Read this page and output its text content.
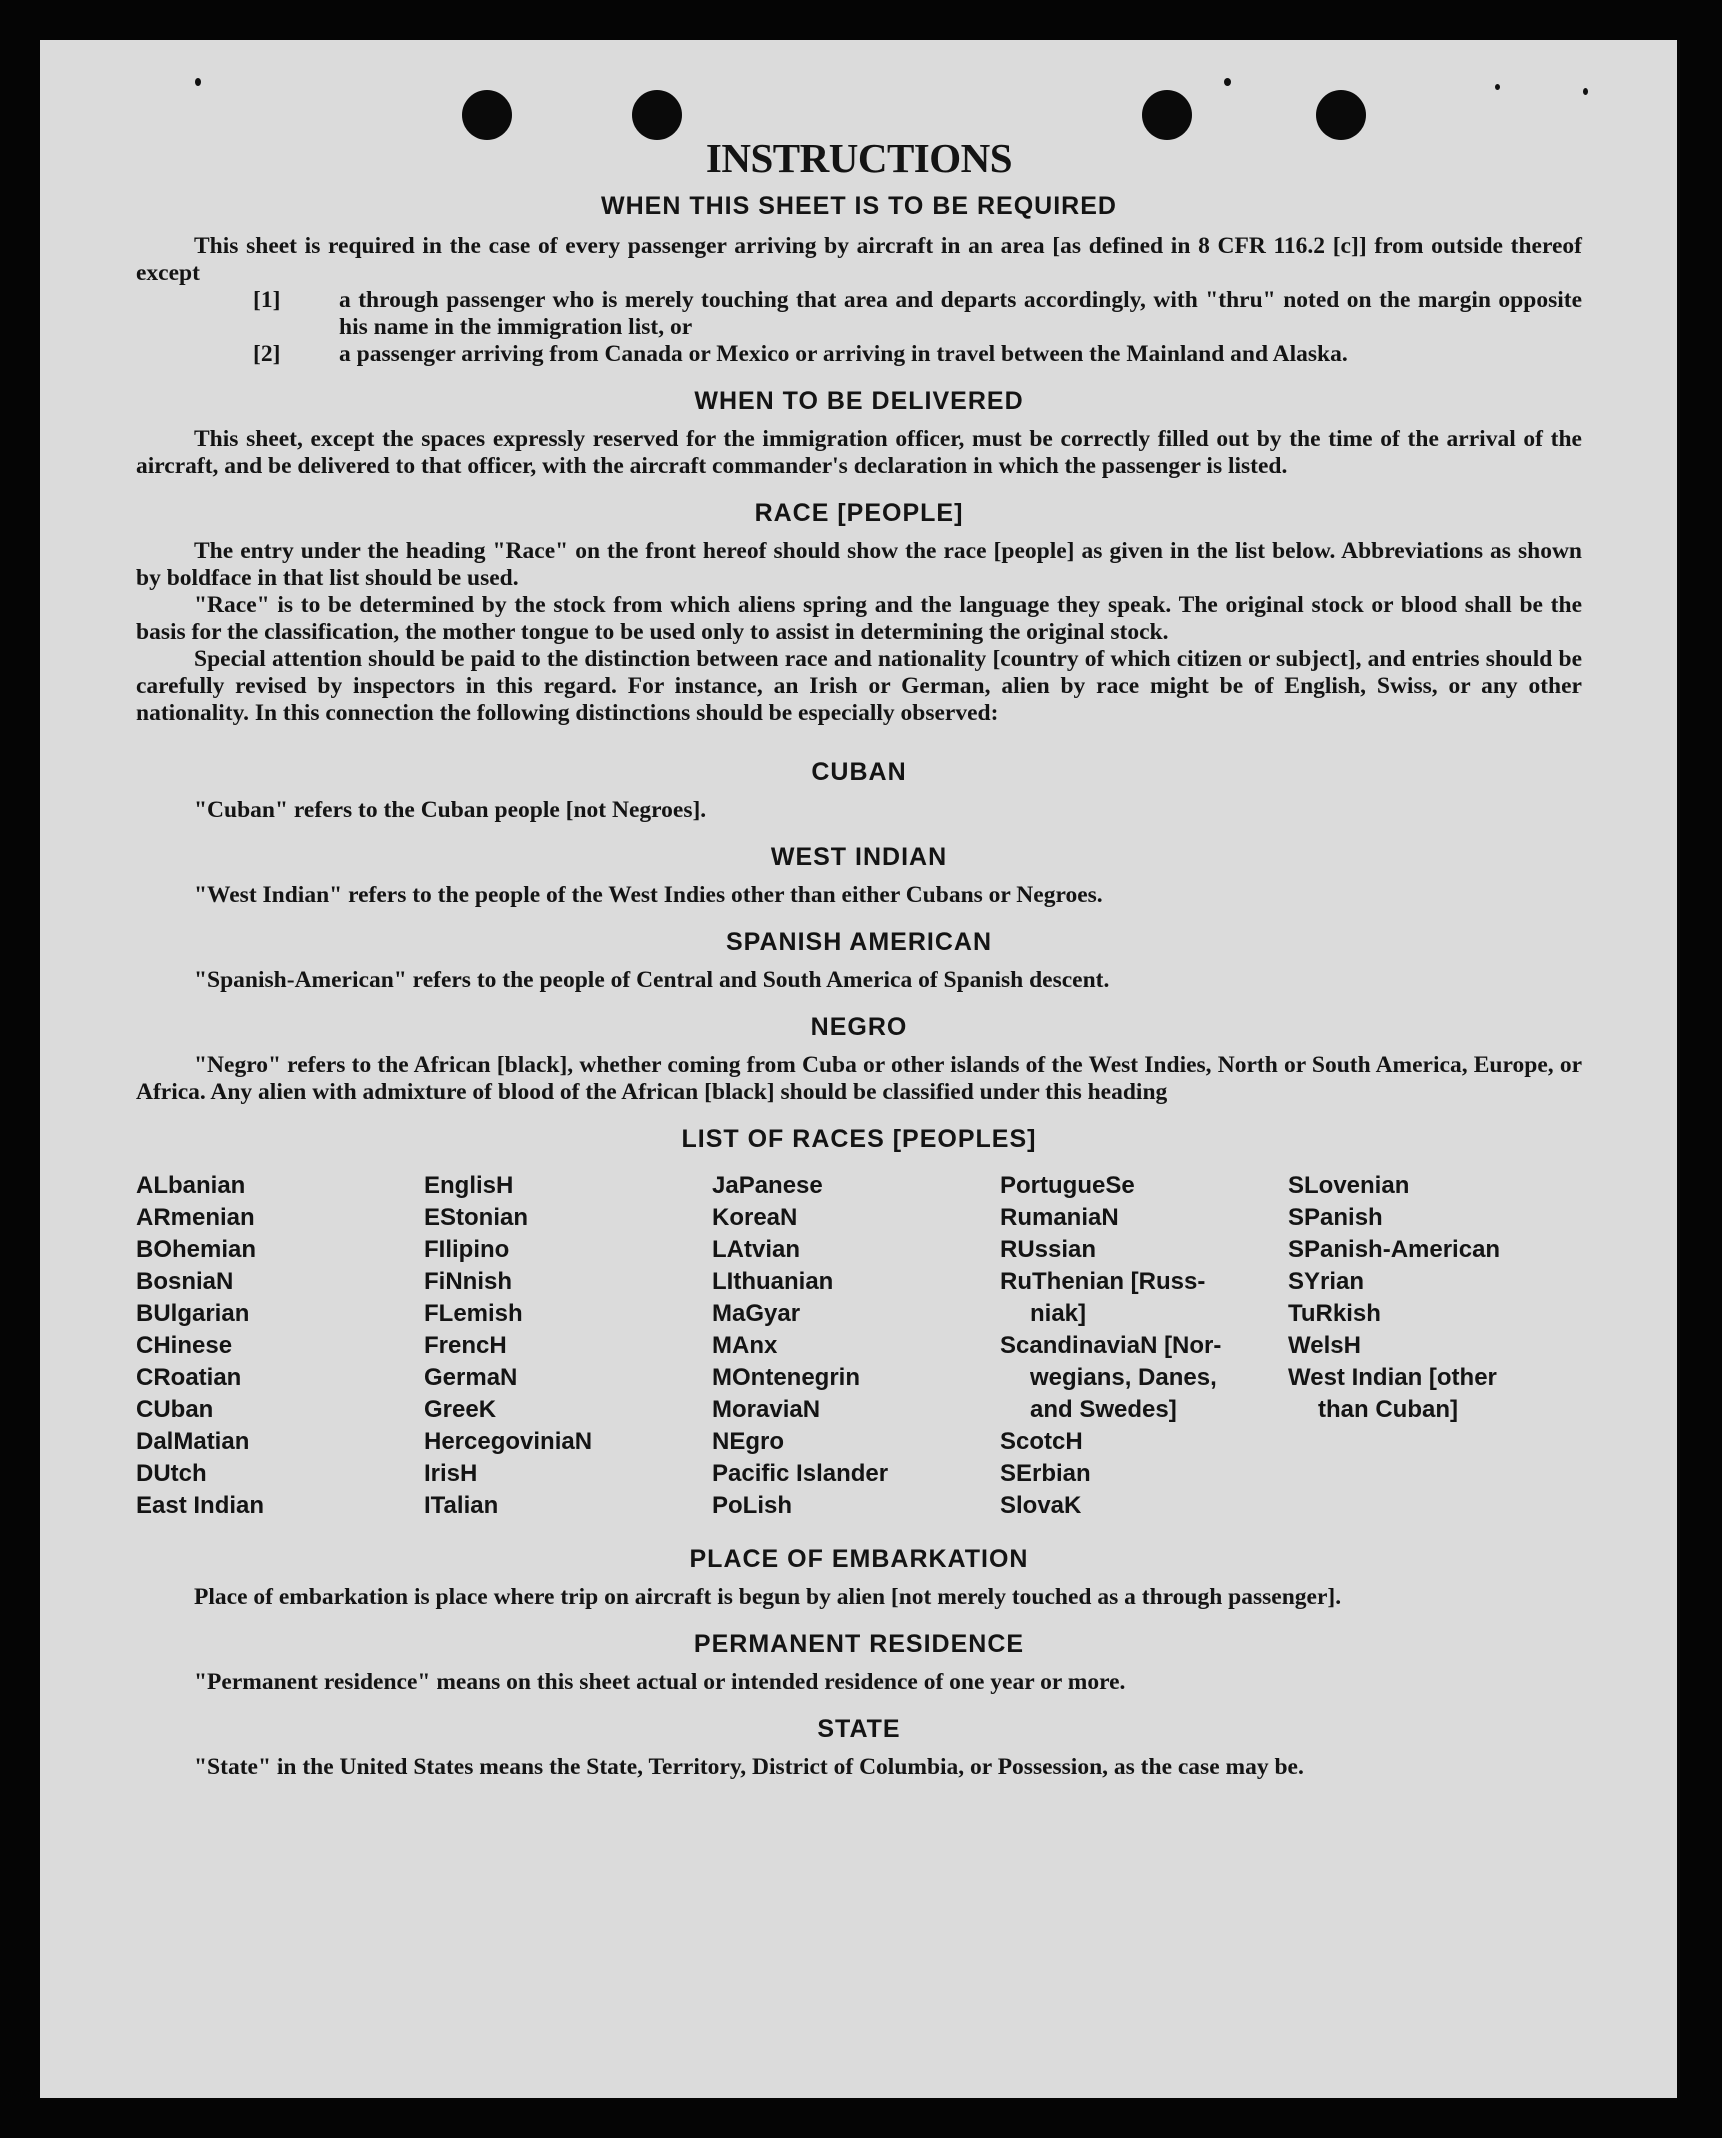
INSTRUCTIONS
WHEN THIS SHEET IS TO BE REQUIRED

This sheet is required in the case of every passenger arriving by aircraft in an area [as defined in 8 CFR 116.2 [c]] from outside thereof except

[1] a through passenger who is merely touching that area and departs accordingly, with "thru" noted on the margin opposite his name in the immigration list, or

[2] a passenger arriving from Canada or Mexico or arriving in travel between the Mainland and Alaska.

WHEN TO BE DELIVERED

This sheet, except the spaces expressly reserved for the immigration officer, must be correctly filled out by the time of the arrival of the aircraft, and be delivered to that officer, with the aircraft commander's declaration in which the passenger is listed.

RACE [PEOPLE]

The entry under the heading "Race" on the front hereof should show the race [people] as given in the list below. Abbreviations as shown by boldface in that list should be used.

"Race" is to be determined by the stock from which aliens spring and the language they speak. The original stock or blood shall be the basis for the classification, the mother tongue to be used only to assist in determining the original stock.

Special attention should be paid to the distinction between race and nationality [country of which citizen or subject], and entries should be carefully revised by inspectors in this regard. For instance, an Irish or German, alien by race might be of English, Swiss, or any other nationality. In this connection the following distinctions should be especially observed:

CUBAN

"Cuban" refers to the Cuban people [not Negroes].

WEST INDIAN

"West Indian" refers to the people of the West Indies other than either Cubans or Negroes.

SPANISH AMERICAN

"Spanish-American" refers to the people of Central and South America of Spanish descent.

NEGRO

"Negro" refers to the African [black], whether coming from Cuba or other islands of the West Indies, North or South America, Europe, or Africa. Any alien with admixture of blood of the African [black] should be classified under this heading

LIST OF RACES [PEOPLES]
ALbanian
ARmenian
BOhemian
BosniaN
BUlgarian
CHinese
CRoatian
CUban
DalMatian
DUtch
East Indian
EnglisH
EStonian
FIlipino
FiNnish
FLemish
FrencH
GermaN
GreeK
HercegoviniaN
IrisH
ITalian
JaPanese
KoreaN
LAtvian
LIthuanian
MaGyar
MAnx
MOntenegrin
MoraviaN
NEgro
Pacific Islander
PoLish
PortugueSe
RumaniaN
RUssian
RuThenian [Russ-
niak]
ScandinaviaN [Nor-
wegians, Danes,
and Swedes]
ScotcH
SErbian
SlovaK
SLovenian
SPanish
SPanish-American
SYrian
TuRkish
WelsH
West Indian [other
than Cuban]
PLACE OF EMBARKATION

Place of embarkation is place where trip on aircraft is begun by alien [not merely touched as a through passenger].

PERMANENT RESIDENCE

"Permanent residence" means on this sheet actual or intended residence of one year or more.

STATE

"State" in the United States means the State, Territory, District of Columbia, or Possession, as the case may be.
